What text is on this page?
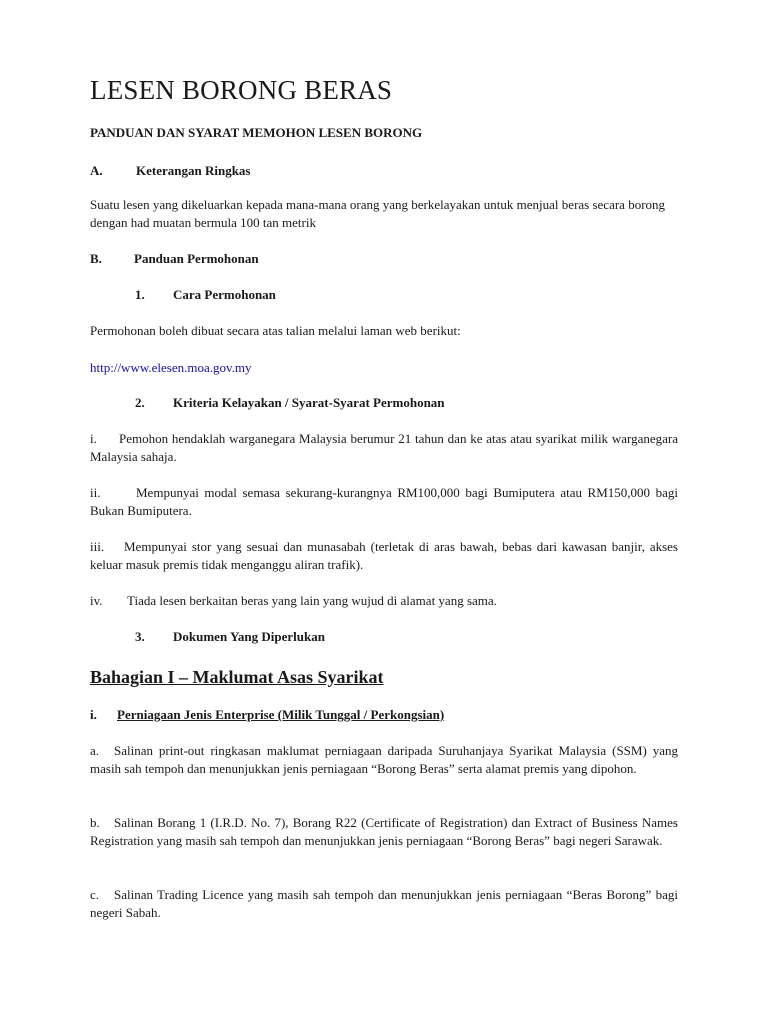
LESEN BORONG BERAS

PANDUAN DAN SYARAT MEMOHON LESEN BORONG

A.	Keterangan Ringkas

Suatu lesen yang dikeluarkan kepada mana-mana orang yang berkelayakan untuk menjual beras secara borong dengan had muatan bermula 100 tan metrik

B. Panduan Permohonan

1. Cara Permohonan

Permohonan boleh dibuat secara atas talian melalui laman web berikut:

http://www.elesen.moa.gov.my

2. Kriteria Kelayakan / Syarat-Syarat Permohonan

i. Pemohon hendaklah warganegara Malaysia berumur 21 tahun dan ke atas atau syarikat milik warganegara Malaysia sahaja.

ii.	Mempunyai modal semasa sekurang-kurangnya RM100,000 bagi Bumiputera atau RM150,000 bagi Bukan Bumiputera.

iii. Mempunyai stor yang sesuai dan munasabah (terletak di aras bawah, bebas dari kawasan banjir, akses keluar masuk premis tidak menganggu aliran trafik).

iv. Tiada lesen berkaitan beras yang lain yang wujud di alamat yang sama.

3. Dokumen Yang Diperlukan

Bahagian I – Maklumat Asas Syarikat

i. Perniagaan Jenis Enterprise (Milik Tunggal / Perkongsian)

a. Salinan print-out ringkasan maklumat perniagaan daripada Suruhanjaya Syarikat Malaysia (SSM) yang masih sah tempoh dan menunjukkan jenis perniagaan “Borong Beras” serta alamat premis yang dipohon.

b. Salinan Borang 1 (I.R.D. No. 7), Borang R22 (Certificate of Registration) dan Extract of Business Names Registration yang masih sah tempoh dan menunjukkan jenis perniagaan “Borong Beras” bagi negeri Sarawak.

c. Salinan Trading Licence yang masih sah tempoh dan menunjukkan jenis perniagaan “Beras Borong” bagi negeri Sabah.
